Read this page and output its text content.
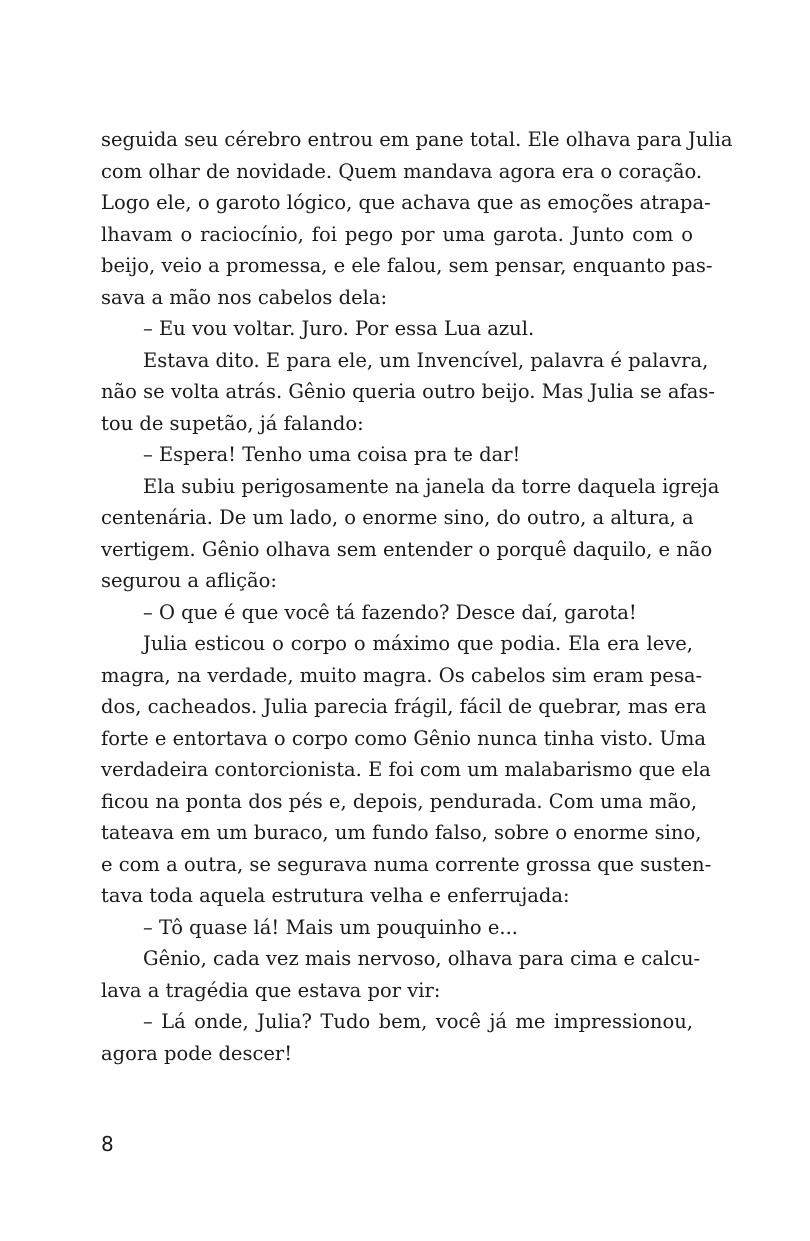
seguida seu cérebro entrou em pane total. Ele olhava para Julia
com olhar de novidade. Quem mandava agora era o coração.
Logo ele, o garoto lógico, que achava que as emoções atrapa-
lhavam o raciocínio, foi pego por uma garota. Junto com o
beijo, veio a promessa, e ele falou, sem pensar, enquanto pas-
sava a mão nos cabelos dela:
– Eu vou voltar. Juro. Por essa Lua azul.
Estava dito. E para ele, um Invencível, palavra é palavra,
não se volta atrás. Gênio queria outro beijo. Mas Julia se afas-
tou de supetão, já falando:
– Espera! Tenho uma coisa pra te dar!
Ela subiu perigosamente na janela da torre daquela igreja
centenária. De um lado, o enorme sino, do outro, a altura, a
vertigem. Gênio olhava sem entender o porquê daquilo, e não
segurou a aflição:
– O que é que você tá fazendo? Desce daí, garota!
Julia esticou o corpo o máximo que podia. Ela era leve,
magra, na verdade, muito magra. Os cabelos sim eram pesa-
dos, cacheados. Julia parecia frágil, fácil de quebrar, mas era
forte e entortava o corpo como Gênio nunca tinha visto. Uma
verdadeira contorcionista. E foi com um malabarismo que ela
ficou na ponta dos pés e, depois, pendurada. Com uma mão,
tateava em um buraco, um fundo falso, sobre o enorme sino,
e com a outra, se segurava numa corrente grossa que susten-
tava toda aquela estrutura velha e enferrujada:
– Tô quase lá! Mais um pouquinho e...
Gênio, cada vez mais nervoso, olhava para cima e calcu-
lava a tragédia que estava por vir:
– Lá onde, Julia? Tudo bem, você já me impressionou,
agora pode descer!
8
